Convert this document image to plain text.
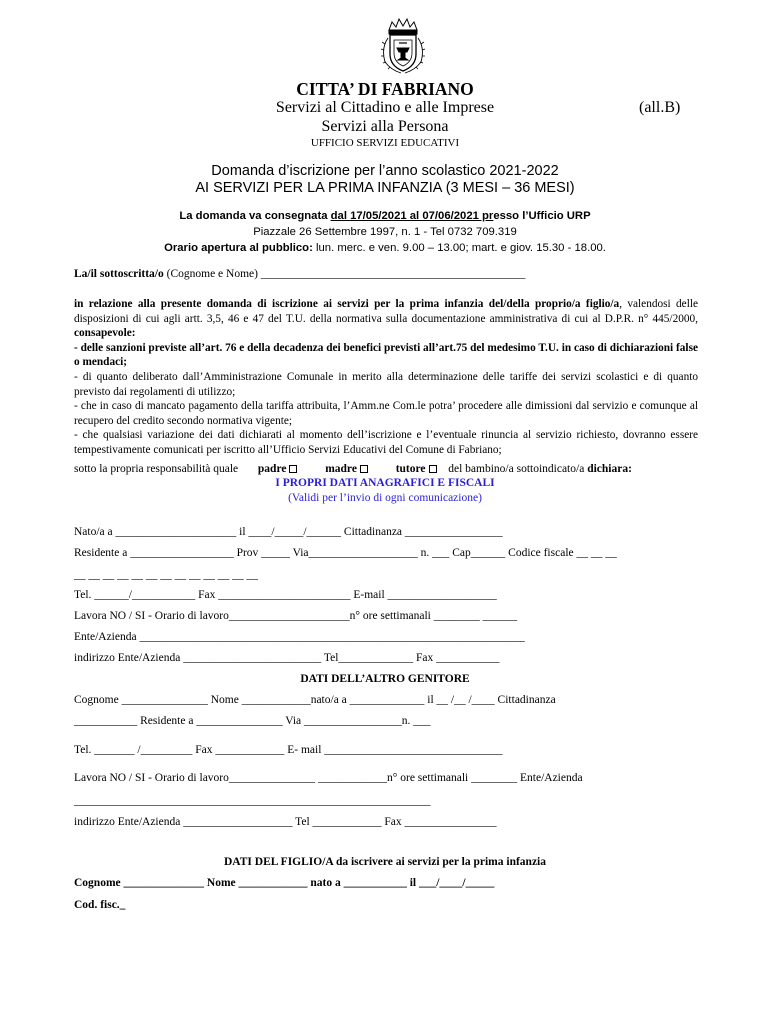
CITTA’ DI FABRIANO
Servizi al Cittadino e alle Imprese	(all.B)
Servizi alla Persona
UFFICIO SERVIZI EDUCATIVI
Domanda d’iscrizione per l’anno scolastico 2021-2022
AI SERVIZI PER LA PRIMA INFANZIA (3 MESI – 36 MESI)
La domanda va consegnata dal 17/05/2021 al 07/06/2021 presso l’Ufficio URP
Piazzale 26 Settembre 1997, n. 1 - Tel 0732 709.319
Orario apertura al pubblico: lun. merc. e ven. 9.00 – 13.00; mart. e giov. 15.30 - 18.00.
La/il sottoscritta/o (Cognome e Nome) ______________________________________________

in relazione alla presente domanda di iscrizione ai servizi per la prima infanzia del/della proprio/a figlio/a, valendosi delle disposizioni di cui agli artt. 3,5, 46 e 47 del T.U. della normativa sulla documentazione amministrativa di cui al D.P.R. n° 445/2000, consapevole:

- delle sanzioni previste all’art. 76 e della decadenza dei benefici previsti all’art.75 del medesimo T.U. in caso di dichiarazioni false o mendaci;

- di quanto deliberato dall’Amministrazione Comunale in merito alla determinazione delle tariffe dei servizi scolastici e di quanto previsto dai regolamenti di utilizzo;

- che in caso di mancato pagamento della tariffa attribuita, l’Amm.ne Com.le potra’ procedere alle dimissioni dal servizio e comunque al recupero del credito secondo normativa vigente;

- che qualsiasi variazione dei dati dichiarati al momento dell’iscrizione e l’eventuale rinuncia al servizio richiesto, dovranno essere tempestivamente comunicati per iscritto all’Ufficio Servizi Educativi del Comune di Fabriano;

sotto la propria responsabilità quale padre	madre	tutore del bambino/a sottoindicato/a dichiara:
I PROPRI DATI ANAGRAFICI E FISCALI
(Validi per l’invio di ogni comunicazione)
Nato/a a _____________________ il ____/_____/______ Cittadinanza _________________
Residente a __________________ Prov _____ Via___________________ n. ___ Cap______ Codice fiscale __ __ __
__ __ __ __ __ __ __ __ __ __ __ __ __
Tel. ______/___________ Fax _______________________ E-mail ___________________
Lavora NO / SI - Orario di lavoro_____________________n° ore settimanali ________ ______
Ente/Azienda ___________________________________________________________________
indirizzo Ente/Azienda ________________________ Tel_____________ Fax ___________
DATI DELL’ALTRO GENITORE
Cognome _______________ Nome ____________nato/a a _____________ il __ /__ /____ Cittadinanza
___________ Residente a _______________ Via _________________n. ___
Tel. _______ /_________ Fax ____________ E- mail _______________________________
Lavora NO / SI - Orario di lavoro_______________ ____________n° ore settimanali ________ Ente/Azienda
______________________________________________________________
indirizzo Ente/Azienda ___________________ Tel ____________ Fax ________________
DATI DEL FIGLIO/A da iscrivere ai servizi per la prima infanzia
Cognome ______________ Nome ____________ nato a ___________ il ___/____/_____
Cod. fisc._
